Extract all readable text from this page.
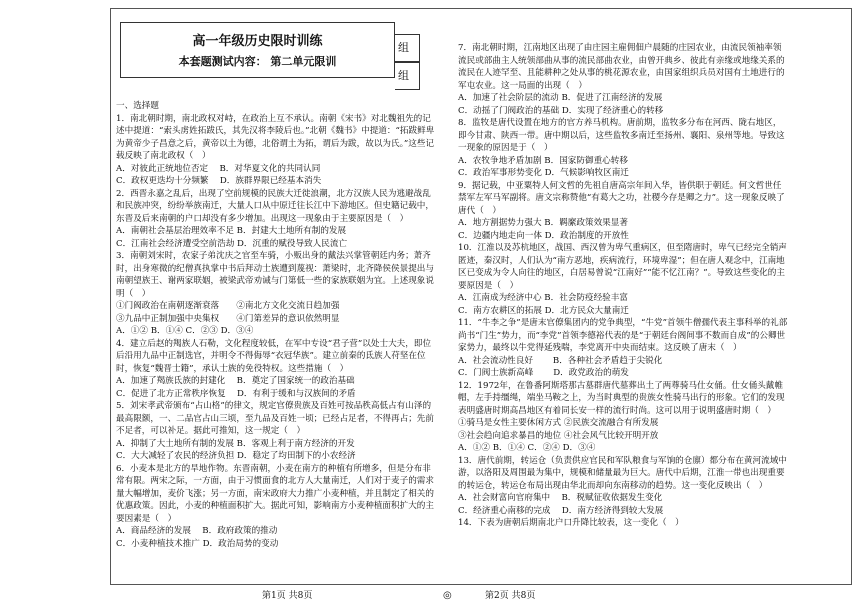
高一年级历史限时训练
本套题测试内容： 第二单元限训
组
组

一、选择题

1．南北朝时期，南北政权对峙，在政治上互不承认。南朝《宋书》对北魏祖先的记述中提道：“索头虏姓拓跋氏，其先汉将李陵后也。”北朝《魏书》中提道：“拓跋鲜卑为黄帝少子昌意之后，黄帝以土为德，北俗谓土为拓，谓后为跋，故以为氏。”这些记载反映了南北政权（　）

A．对彼此正统地位否定　 B．对华夏文化的共同认同

C．政权更迭均十分频繁　 D．族群界限已经基本消失

2．西晋永嘉之乱后，出现了空前规模的民族大迁徙浪潮，北方汉族人民为逃避战乱和民族冲突，纷纷举族南迁，大量人口从中原迁往长江中下游地区。但史籍记载中，东晋及后来南朝的户口却没有多少增加。出现这一现象由于主要原因是（　）

A．南朝社会基层治理效率不足 B．封建大土地所有制的发展

C．江南社会经济遭受空前浩劫 D．沉重的赋役导致人民流亡

3．南朝刘宋时，农家子弟沈庆之官至车骑，小贩出身的戴法兴掌管朝廷内务；萧齐时，出身寒微的纪僧真执掌中书后拜动士族遭到蔑视：萧梁时，北齐降侯侯景提出与南朝望族王、谢两家联姻，被梁武帝劝诫与门第低一些的家族联姻为宜。上述现象说明（　）

①门阀政治在南朝逐渐衰落　　②南北方文化交流日趋加强

③九品中正制加强中央集权　　④门第差异的意识依然明显

A．①② B．①④ C．②③ D．③④

4．建立后赵的羯族人石勒，文化程度较低，在军中专设“君子营”以处士大夫，即位后沿用九品中正制选官，并明令不得侮辱“衣冠华族”。建立前秦的氐族人苻坚在位时，恢复“魏晋士籍”，承认士族的免役特权。这些措施（　）

A．加速了羯族氐族的封建化　 B．奠定了国家统一的政治基础

C．促进了北方正常秩序恢复　 D．有利于缓和与汉族间的矛盾

5．刘宋孝武帝颁布“占山格”的律文，规定官僚贵族及百姓可按品秩高低占有山泽的最高限额，一、二品官占山三顷，至九品及百姓一顷；已经占足者，不得再占；先前不足者，可以补足。据此可推知，这一规定（　）

A．抑制了大土地所有制的发展 B．客观上利于南方经济的开发

C．大大减轻了农民的经济负担 D．稳定了均田制下的小农经济

6．小麦本是北方的旱地作物。东晋南朝，小麦在南方的种植有所增多，但是分布非常有限。两宋之际，一方面，由于习惯面食的北方人大量南迁，人们对于麦子的需求量大幅增加，麦价飞涨；另一方面，南宋政府大力推广小麦种植，并且制定了相关的优惠政策。因此，小麦的种植面积扩大。据此可知，影响南方小麦种植面积扩大的主要因素是（　）

A．商品经济的发展　 B．政府政策的推动

C．小麦种植技术推广 D．政治局势的变动

7．南北朝时期，江南地区出现了由庄园主雇佣佃户晨随的庄园农业，由流民领袖率领流民或部曲主人统领部曲从事的流民部曲农业，由曾开典乡、彼此有亲缘或地缘关系的流民在人迹罕至、且能耕种之处从事的桃花源农业，由国家组织兵员对国有土地进行的军屯农业。这一局面的出现（　）

A．加速了社会阶层的流动 B．促进了江南经济的发展

C．动摇了门阀政治的基础 D．实现了经济重心的转移

8．监牧是唐代设置在地方的官方养马机构。唐前期，监牧多分布在河西、陇右地区，即今甘肃、陕西一带。唐中期以后，这些监牧多南迁至扬州、襄阳、泉州等地。导致这一现象的原因是于（　）

A．农牧争地矛盾加剧 B．国家防御重心转移

C．政治军事形势变化 D．气候影响牧区南迁

9．据记载，中亚粟特人何文哲的先祖自唐高宗年间入华，皆供职于朝廷。何文哲世任禁军左军马军副将。唐文宗称赞他“有葛大之功，社稷今存是卿之力”。这一现象反映了唐代（　）

A．地方割据势力强大 B．羁縻政策效果显著

C．边疆内地走向一体 D．政治制度的开放性

10．江淮以及苏杭地区，战国、西汉曾为卑气重病区，但至隋唐时，卑气已经完全销声匿迹，秦汉时，人们认为“南方恶地，疾病流行，环境卑湿”；但在唐人观念中，江南地区已变成为令人向往的地区，白居易曾说“江南好”“能不忆江南？”。导致这些变化的主要原因是（　）

A．江南成为经济中心 B．社会防疫经验丰富

C．南方农耕区的拓展 D．北方民众大量南迁

11．“牛李之争”是唐末官僚集团内的党争典型，“牛党”首领牛僧孺代表主事科举的礼部尚书“门生”势力，而“李党”首领李德裕代表的是“于朝廷台阁间事不数而自成”的公卿世家势力，最终以牛党得延残喘，李党离开中央而结束。这反映了唐末（　）

A．社会流动性良好　　 B．各种社会矛盾趋于尖锐化

C．门阀士族新高峰　　 D．政党政治的萌发

12．1972年，在鲁番阿斯塔那古墓群唐代墓葬出土了两尊骑马仕女俑。仕女俑头戴帷帽，左手持缰绳，端坐马鞍之上，为当时典型的贵族女性骑马出行的形象。它们的发现表明盛唐时期高昌地区有着同长安一样的流行时尚。这可以用于说明盛唐时期（　）

①骑马是女性主要休闲方式 ②民族交流融合有所发展

③社会趋向追求暴昌的地位 ④社会风气比较开明开放

A．①② B．①④ C．②④ D．③④

13．唐代前期，转运仓（负责供应官民和军队粮食与军饷的仓廪）都分布在黄河流域中游，以洛阳及周围最为集中，规模和储量最为巨大。唐代中后期，江淮一带也出现重要的转运仓，转运仓布局出现由华北而却向东南移动的趋势。这一变化反映出（　）

A．社会财富向官府集中　 B．税赋征收依据发生变化

C．经济重心南移的完成　 D．南方经济得到较大发展

14．下表为唐朝后期南北户口升降比较表，这一变化（　）

第1页 共8页	◎	第2页 共8页
